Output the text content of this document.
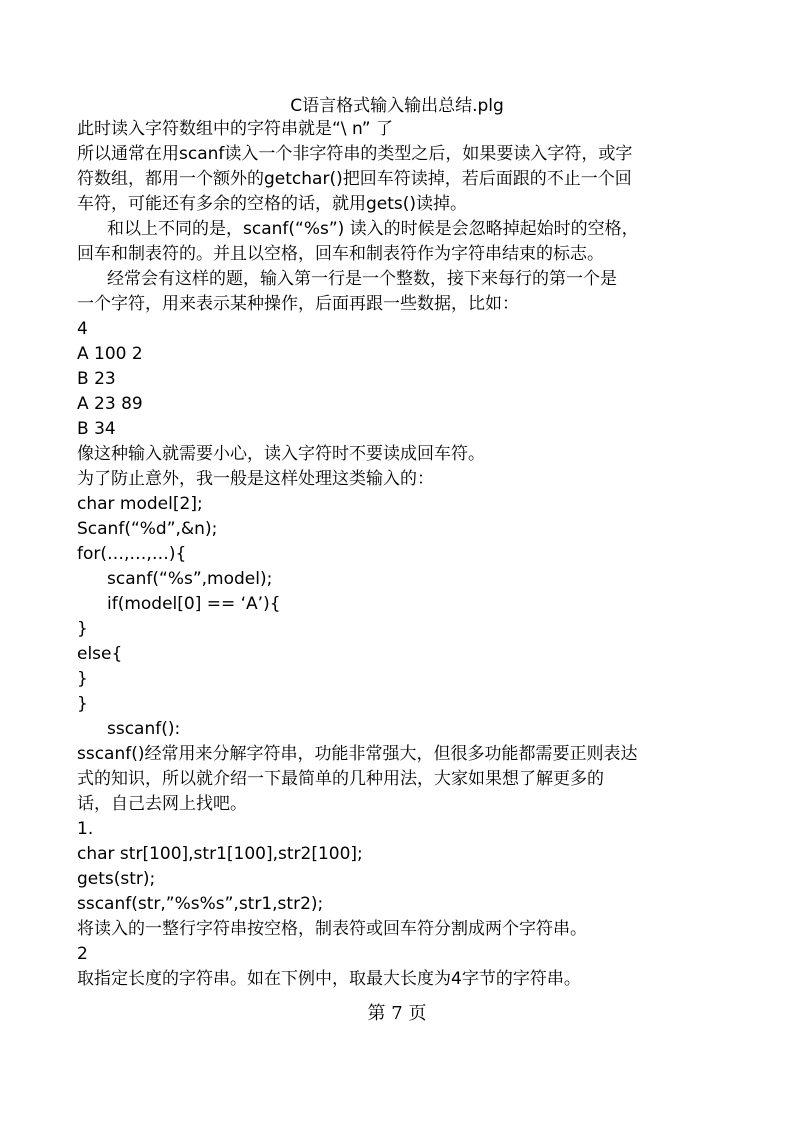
C语言格式输入输出总结.plg
此时读入字符数组中的字符串就是“\ n” 了
所以通常在用scanf读入一个非字符串的类型之后，如果要读入字符，或字
符数组，都用一个额外的getchar()把回车符读掉，若后面跟的不止一个回
车符，可能还有多余的空格的话，就用gets()读掉。
和以上不同的是，scanf(“%s”) 读入的时候是会忽略掉起始时的空格，
回车和制表符的。并且以空格，回车和制表符作为字符串结束的标志。
经常会有这样的题，输入第一行是一个整数，接下来每行的第一个是
一个字符，用来表示某种操作，后面再跟一些数据，比如：
4
A 100 2
B 23
A 23 89
B 34
像这种输入就需要小心，读入字符时不要读成回车符。
为了防止意外，我一般是这样处理这类输入的：
char model[2];
Scanf(“%d”,&n);
for(…,…,…){
scanf(“%s”,model);
if(model[0] == ‘A’){
}
else{
}
}
sscanf():
sscanf()经常用来分解字符串，功能非常强大，但很多功能都需要正则表达
式的知识，所以就介绍一下最简单的几种用法，大家如果想了解更多的
话，自己去网上找吧。
1.
char str[100],str1[100],str2[100];
gets(str);
sscanf(str,”%s%s”,str1,str2);
将读入的一整行字符串按空格，制表符或回车符分割成两个字符串。
2
取指定长度的字符串。如在下例中，取最大长度为4字节的字符串。
第 7 页
